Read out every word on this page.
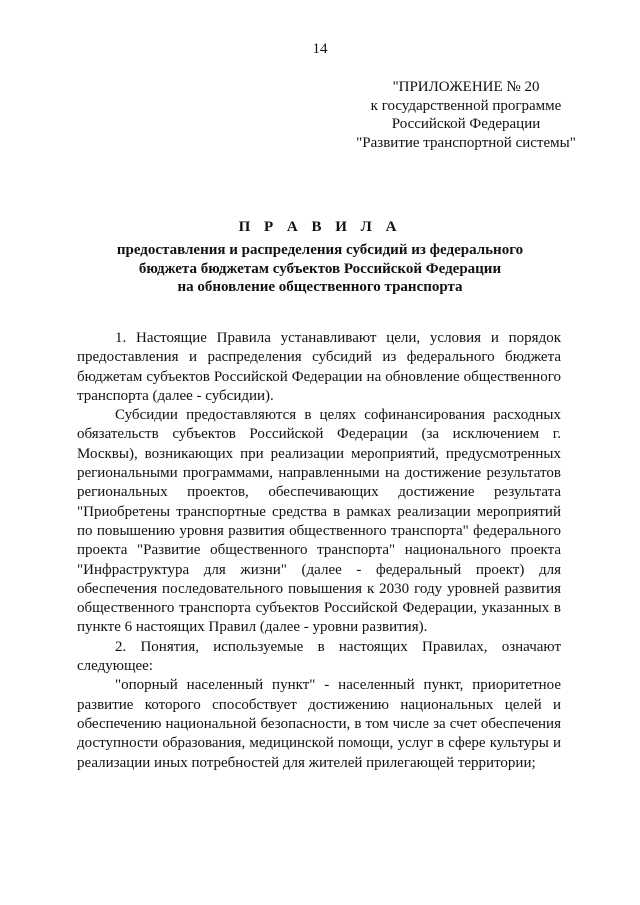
14
"ПРИЛОЖЕНИЕ № 20
к государственной программе
Российской Федерации
"Развитие транспортной системы"
П Р А В И Л А
предоставления и распределения субсидий из федерального
бюджета бюджетам субъектов Российской Федерации
на обновление общественного транспорта

1. Настоящие Правила устанавливают цели, условия и порядок предоставления и распределения субсидий из федерального бюджета бюджетам субъектов Российской Федерации на обновление общественного транспорта (далее - субсидии).

Субсидии предоставляются в целях софинансирования расходных обязательств субъектов Российской Федерации (за исключением г. Москвы), возникающих при реализации мероприятий, предусмотренных региональными программами, направленными на достижение результатов региональных проектов, обеспечивающих достижение результата "Приобретены транспортные средства в рамках реализации мероприятий по повышению уровня развития общественного транспорта" федерального проекта "Развитие общественного транспорта" национального проекта "Инфраструктура для жизни" (далее - федеральный проект) для обеспечения последовательного повышения к 2030 году уровней развития общественного транспорта субъектов Российской Федерации, указанных в пункте 6 настоящих Правил (далее - уровни развития).

2. Понятия, используемые в настоящих Правилах, означают следующее:

"опорный населенный пункт" - населенный пункт, приоритетное развитие которого способствует достижению национальных целей и обеспечению национальной безопасности, в том числе за счет обеспечения доступности образования, медицинской помощи, услуг в сфере культуры и реализации иных потребностей для жителей прилегающей территории;
